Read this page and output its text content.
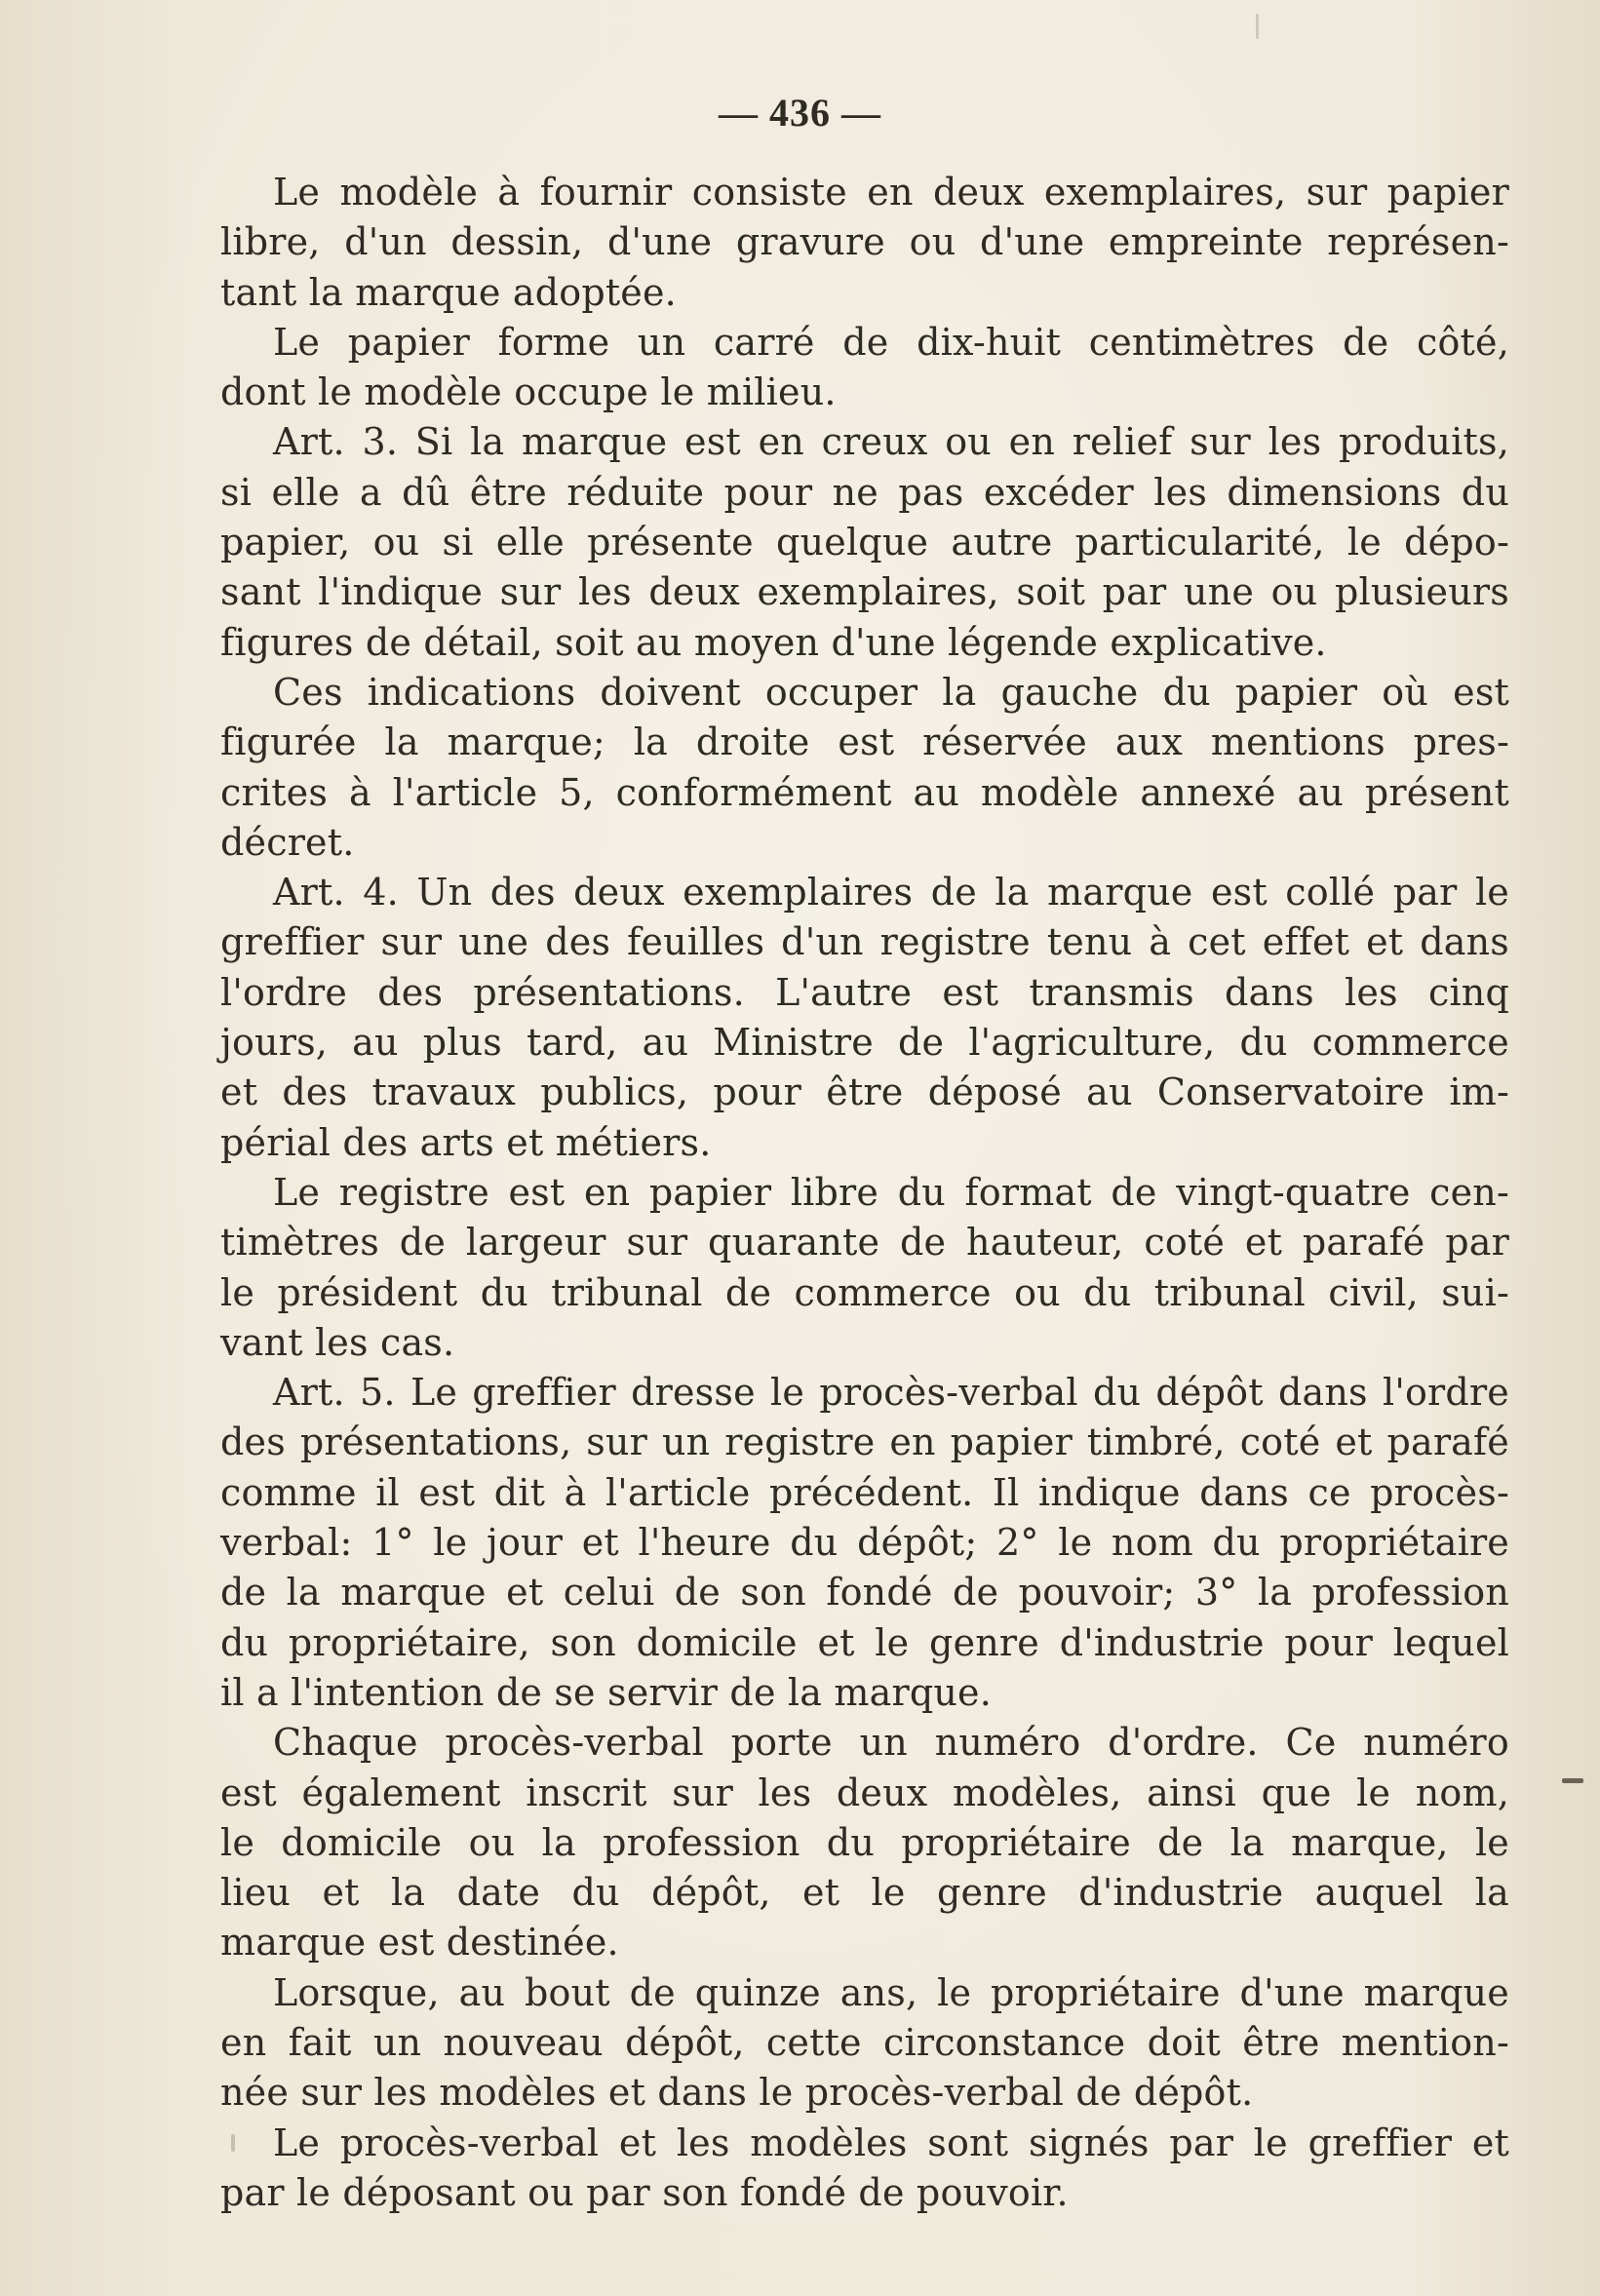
— 436 —
Le modèle à fournir consiste en deux exemplaires, sur papier
libre, d'un dessin, d'une gravure ou d'une empreinte représen-
tant la marque adoptée.
Le papier forme un carré de dix-huit centimètres de côté,
dont le modèle occupe le milieu.
Art. 3. Si la marque est en creux ou en relief sur les produits,
si elle a dû être réduite pour ne pas excéder les dimensions du
papier, ou si elle présente quelque autre particularité, le dépo-
sant l'indique sur les deux exemplaires, soit par une ou plusieurs
figures de détail, soit au moyen d'une légende explicative.
Ces indications doivent occuper la gauche du papier où est
figurée la marque; la droite est réservée aux mentions pres-
crites à l'article 5, conformément au modèle annexé au présent
décret.
Art. 4. Un des deux exemplaires de la marque est collé par le
greffier sur une des feuilles d'un registre tenu à cet effet et dans
l'ordre des présentations. L'autre est transmis dans les cinq
jours, au plus tard, au Ministre de l'agriculture, du commerce
et des travaux publics, pour être déposé au Conservatoire im-
périal des arts et métiers.
Le registre est en papier libre du format de vingt-quatre cen-
timètres de largeur sur quarante de hauteur, coté et parafé par
le président du tribunal de commerce ou du tribunal civil, sui-
vant les cas.
Art. 5. Le greffier dresse le procès-verbal du dépôt dans l'ordre
des présentations, sur un registre en papier timbré, coté et parafé
comme il est dit à l'article précédent. Il indique dans ce procès-
verbal: 1° le jour et l'heure du dépôt; 2° le nom du propriétaire
de la marque et celui de son fondé de pouvoir; 3° la profession
du propriétaire, son domicile et le genre d'industrie pour lequel
il a l'intention de se servir de la marque.
Chaque procès-verbal porte un numéro d'ordre. Ce numéro
est également inscrit sur les deux modèles, ainsi que le nom,
le domicile ou la profession du propriétaire de la marque, le
lieu et la date du dépôt, et le genre d'industrie auquel la
marque est destinée.
Lorsque, au bout de quinze ans, le propriétaire d'une marque
en fait un nouveau dépôt, cette circonstance doit être mention-
née sur les modèles et dans le procès-verbal de dépôt.
Le procès-verbal et les modèles sont signés par le greffier et
par le déposant ou par son fondé de pouvoir.
